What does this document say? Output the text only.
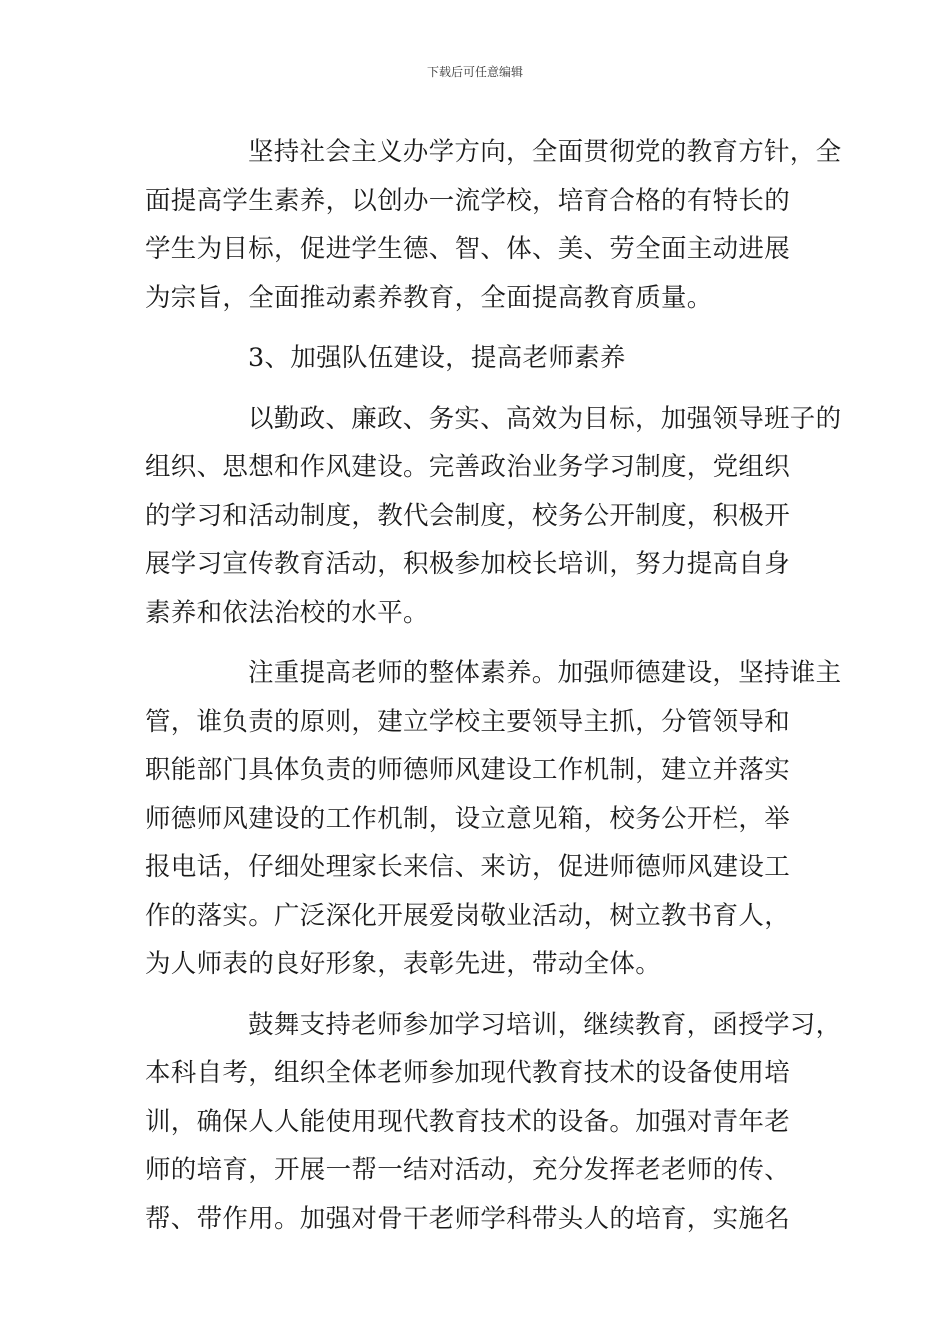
下载后可任意编辑

坚持社会主义办学方向，全面贯彻党的教育方针，全
面提高学生素养，以创办一流学校，培育合格的有特长的
学生为目标，促进学生德、智、体、美、劳全面主动进展
为宗旨，全面推动素养教育，全面提高教育质量。

3、加强队伍建设，提高老师素养

以勤政、廉政、务实、高效为目标，加强领导班子的
组织、思想和作风建设。完善政治业务学习制度，党组织
的学习和活动制度，教代会制度，校务公开制度，积极开
展学习宣传教育活动，积极参加校长培训，努力提高自身
素养和依法治校的水平。

注重提高老师的整体素养。加强师德建设，坚持谁主
管，谁负责的原则，建立学校主要领导主抓，分管领导和
职能部门具体负责的师德师风建设工作机制，建立并落实
师德师风建设的工作机制，设立意见箱，校务公开栏，举
报电话，仔细处理家长来信、来访，促进师德师风建设工
作的落实。广泛深化开展爱岗敬业活动，树立教书育人，
为人师表的良好形象，表彰先进，带动全体。

鼓舞支持老师参加学习培训，继续教育，函授学习，
本科自考，组织全体老师参加现代教育技术的设备使用培
训，确保人人能使用现代教育技术的设备。加强对青年老
师的培育，开展一帮一结对活动，充分发挥老老师的传、
帮、带作用。加强对骨干老师学科带头人的培育，实施名
